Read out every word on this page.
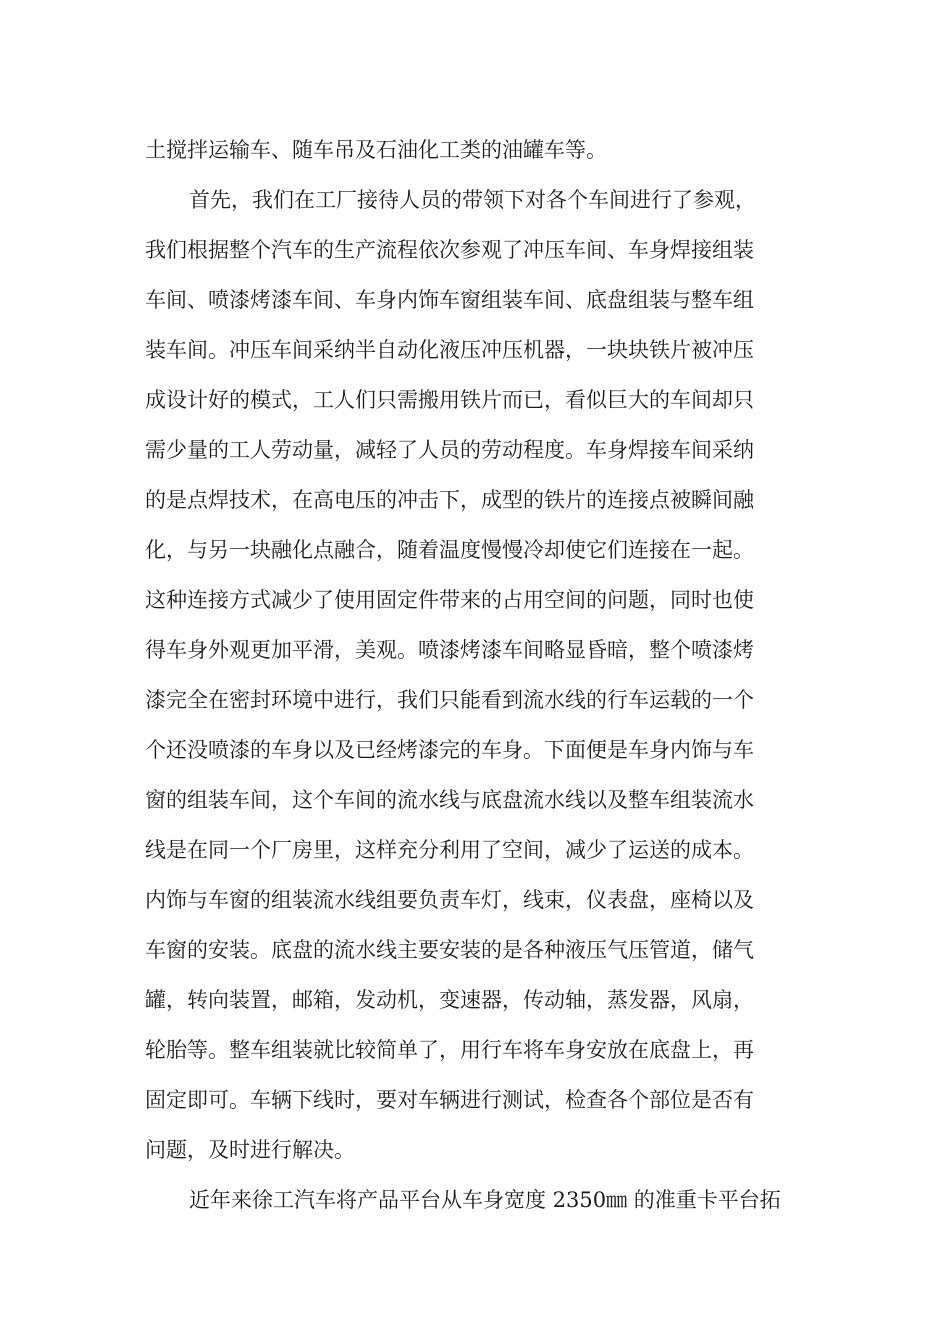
土搅拌运输车、随车吊及石油化工类的油罐车等。
首先，我们在工厂接待人员的带领下对各个车间进行了参观，
我们根据整个汽车的生产流程依次参观了冲压车间、车身焊接组装
车间、喷漆烤漆车间、车身内饰车窗组装车间、底盘组装与整车组
装车间。冲压车间采纳半自动化液压冲压机器，一块块铁片被冲压
成设计好的模式，工人们只需搬用铁片而已，看似巨大的车间却只
需少量的工人劳动量，减轻了人员的劳动程度。车身焊接车间采纳
的是点焊技术，在高电压的冲击下，成型的铁片的连接点被瞬间融
化，与另一块融化点融合，随着温度慢慢冷却使它们连接在一起。
这种连接方式减少了使用固定件带来的占用空间的问题，同时也使
得车身外观更加平滑，美观。喷漆烤漆车间略显昏暗，整个喷漆烤
漆完全在密封环境中进行，我们只能看到流水线的行车运载的一个
个还没喷漆的车身以及已经烤漆完的车身。下面便是车身内饰与车
窗的组装车间，这个车间的流水线与底盘流水线以及整车组装流水
线是在同一个厂房里，这样充分利用了空间，减少了运送的成本。
内饰与车窗的组装流水线组要负责车灯，线束，仪表盘，座椅以及
车窗的安装。底盘的流水线主要安装的是各种液压气压管道，储气
罐，转向装置，邮箱，发动机，变速器，传动轴，蒸发器，风扇，
轮胎等。整车组装就比较简单了，用行车将车身安放在底盘上，再
固定即可。车辆下线时，要对车辆进行测试，检查各个部位是否有
问题，及时进行解决。
近年来徐工汽车将产品平台从车身宽度 2350㎜ 的准重卡平台拓
